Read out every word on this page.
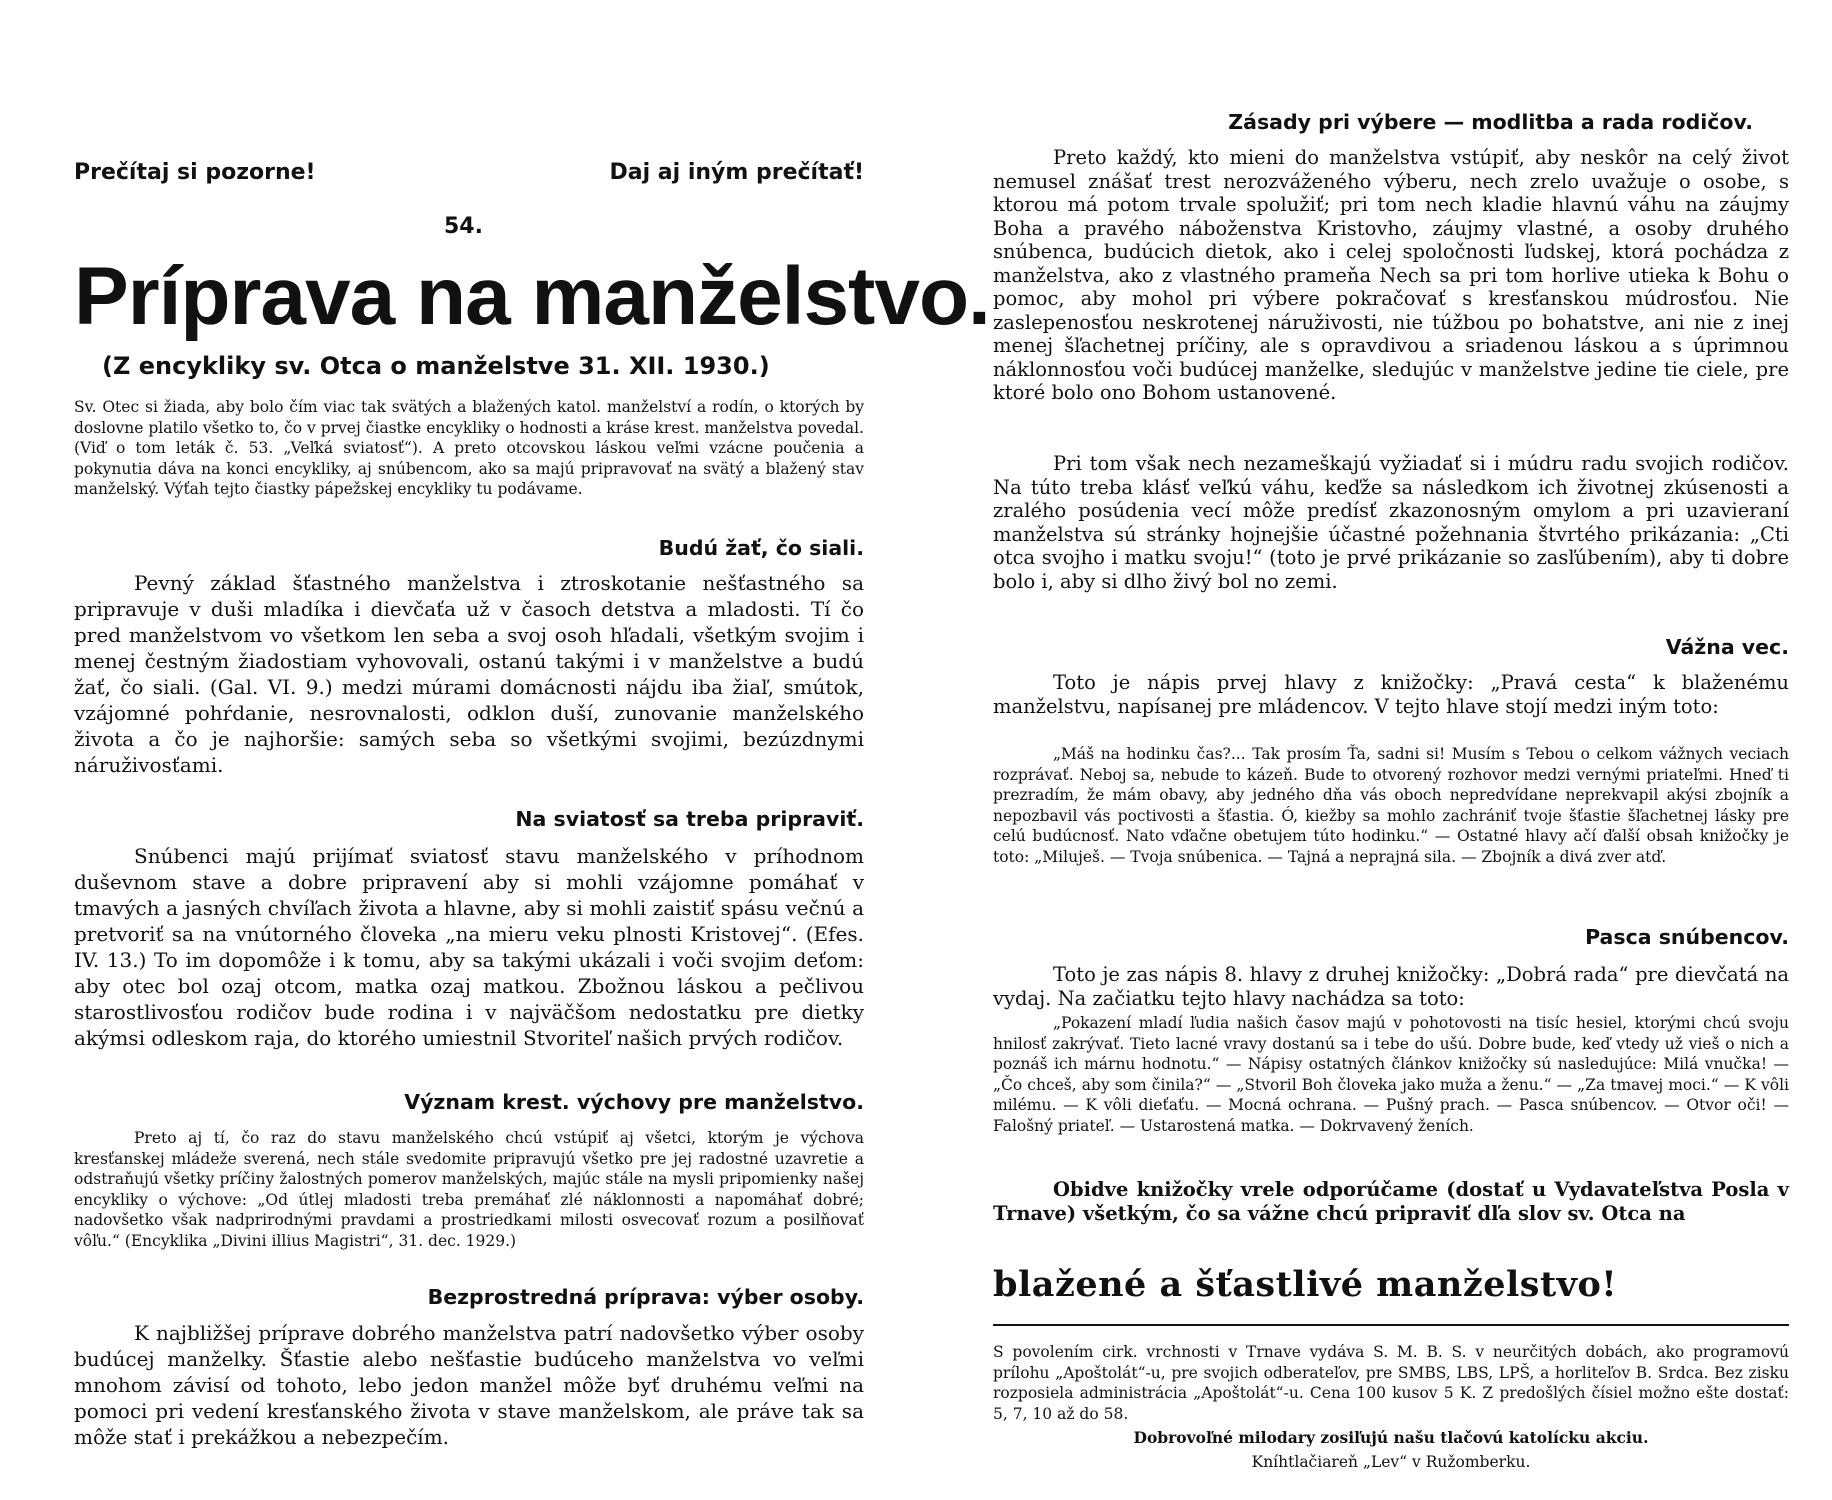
Prečítaj si pozorne!	Daj aj iným prečítať!
54.
Príprava na manželstvo.
(Z encykliky sv. Otca o manželstve 31. XII. 1930.)

Sv. Otec si žiada, aby bolo čím viac tak svätých a blažených katol. manželství a rodín, o ktorých by doslovne platilo všetko to, čo v prvej čiastke encykliky o hodnosti a kráse krest. manželstva povedal. (Viď o tom leták č. 53. „Veľká sviatosť“). A preto otcovskou láskou veľmi vzácne poučenia a pokynutia dáva na konci encykliky, aj snúbencom, ako sa majú pripravovať na svätý a blažený stav manželský. Výťah tejto čiastky pápežskej encykliky tu podávame.

Budú žať, čo siali.

Pevný základ šťastného manželstva i ztroskotanie nešťastného sa pripravuje v duši mladíka i dievčaťa už v časoch detstva a mladosti. Tí čo pred manželstvom vo všetkom len seba a svoj osoh hľadali, všetkým svojim i menej čestným žiadostiam vyhovovali, ostanú takými i v manželstve a budú žať, čo siali. (Gal. VI. 9.) medzi múrami domácnosti nájdu iba žiaľ, smútok, vzájomné pohŕdanie, nesrovnalosti, odklon duší, zunovanie manželského života a čo je najhoršie: samých seba so všetkými svojimi, bezúzdnymi náruživosťami.

Na sviatosť sa treba pripraviť.

Snúbenci majú prijímať sviatosť stavu manželského v príhodnom duševnom stave a dobre pripravení aby si mohli vzájomne pomáhať v tmavých a jasných chvíľach života a hlavne, aby si mohli zaistiť spásu večnú a pretvoriť sa na vnútorného človeka „na mieru veku plnosti Kristovej“. (Efes. IV. 13.) To im dopomôže i k tomu, aby sa takými ukázali i voči svojim deťom: aby otec bol ozaj otcom, matka ozaj matkou. Zbožnou láskou a pečlivou starostlivosťou rodičov bude rodina i v najväčšom nedostatku pre dietky akýmsi odleskom raja, do ktorého umiestnil Stvoriteľ našich prvých rodičov.

Význam krest. výchovy pre manželstvo.

Preto aj tí, čo raz do stavu manželského chcú vstúpiť aj všetci, ktorým je výchova kresťanskej mládeže sverená, nech stále svedomite pripravujú všetko pre jej radostné uzavretie a odstraňujú všetky príčiny žalostných pomerov manželských, majúc stále na mysli pripomienky našej encykliky o výchove: „Od útlej mladosti treba premáhať zlé náklonnosti a napomáhať dobré; nadovšetko však nadprirodnými pravdami a prostriedkami milosti osvecovať rozum a posilňovať vôľu.“ (Encyklika „Divini illius Magistri“, 31. dec. 1929.)

Bezprostredná príprava: výber osoby.

K najbližšej príprave dobrého manželstva patrí nadovšetko výber osoby budúcej manželky. Šťastie alebo nešťastie budúceho manželstva vo veľmi mnohom závisí od tohoto, lebo jedon manžel môže byť druhému veľmi na pomoci pri vedení kresťanského života v stave manželskom, ale práve tak sa môže stať i prekážkou a nebezpečím.

Zásady pri výbere — modlitba a rada rodičov.

Preto každý, kto mieni do manželstva vstúpiť, aby neskôr na celý život nemusel znášať trest nerozváženého výberu, nech zrelo uvažuje o osobe, s ktorou má potom trvale spolužiť; pri tom nech kladie hlavnú váhu na záujmy Boha a pravého náboženstva Kristovho, záujmy vlastné, a osoby druhého snúbenca, budúcich dietok, ako i celej spoločnosti ľudskej, ktorá pochádza z manželstva, ako z vlastného prameňa Nech sa pri tom horlive utieka k Bohu o pomoc, aby mohol pri výbere pokračovať s kresťanskou múdrosťou. Nie zaslepenosťou neskrotenej náruživosti, nie túžbou po bohatstve, ani nie z inej menej šľachetnej príčiny, ale s opravdivou a sriadenou láskou a s úprimnou náklonnosťou voči budúcej manželke, sledujúc v manželstve jedine tie ciele, pre ktoré bolo ono Bohom ustanovené.

Pri tom však nech nezameškajú vyžiadať si i múdru radu svojich rodičov. Na túto treba klásť veľkú váhu, keďže sa následkom ich životnej zkúsenosti a zralého posúdenia vecí môže predísť zkazonosným omylom a pri uzavieraní manželstva sú stránky hojnejšie účastné požehnania štvrtého prikázania: „Cti otca svojho i matku svoju!“ (toto je prvé prikázanie so zasľúbením), aby ti dobre bolo i, aby si dlho živý bol no zemi.

Vážna vec.

Toto je nápis prvej hlavy z knižočky: „Pravá cesta“ k blaženému manželstvu, napísanej pre mládencov. V tejto hlave stojí medzi iným toto:

„Máš na hodinku čas?... Tak prosím Ťa, sadni si! Musím s Tebou o celkom vážnych veciach rozprávať. Neboj sa, nebude to kázeň. Bude to otvorený rozhovor medzi vernými priateľmi. Hneď ti prezradím, že mám obavy, aby jedného dňa vás oboch nepredvídane neprekvapil akýsi zbojník a nepozbavil vás poctivosti a šťastia. Ó, kiežby sa mohlo zachrániť tvoje šťastie šľachetnej lásky pre celú budúcnosť. Nato vďačne obetujem túto hodinku.“ — Ostatné hlavy ačí ďalší obsah knižočky je toto: „Miluješ. — Tvoja snúbenica. — Tajná a neprajná sila. — Zbojník a divá zver atď.

Pasca snúbencov.

Toto je zas nápis 8. hlavy z druhej knižočky: „Dobrá rada“ pre dievčatá na vydaj. Na začiatku tejto hlavy nachádza sa toto:

„Pokazení mladí ľudia našich časov majú v pohotovosti na tisíc hesiel, ktorými chcú svoju hnilosť zakrývať. Tieto lacné vravy dostanú sa i tebe do ušú. Dobre bude, keď vtedy už vieš o nich a poznáš ich márnu hodnotu.“ — Nápisy ostatných článkov knižočky sú nasledujúce: Milá vnučka! — „Čo chceš, aby som činila?“ — „Stvoril Boh človeka jako muža a ženu.“ — „Za tmavej moci.“ — K vôli milému. — K vôli dieťaťu. — Mocná ochrana. — Pušný prach. — Pasca snúbencov. — Otvor oči! — Falošný priateľ. — Ustarostená matka. — Dokrvavený ženích.

Obidve knižočky vrele odporúčame (dostať u Vydavateľstva Posla v Trnave) všetkým, čo sa vážne chcú pripraviť dľa slov sv. Otca na

blažené a šťastlivé manželstvo!

S povolením cirk. vrchnosti v Trnave vydáva S. M. B. S. v neurčitých dobách, ako programovú prílohu „Apoštolát“-u, pre svojich odberateľov, pre SMBS, LBS, LPŠ, a horliteľov B. Srdca. Bez zisku rozposiela administrácia „Apoštolát“-u. Cena 100 kusov 5 K. Z predošlých čísiel možno ešte dostať: 5, 7, 10 až do 58.

Dobrovoľné milodary zosiľujú našu tlačovú katolícku akciu.
Kníhtlačiareň „Lev“ v Ružomberku.
